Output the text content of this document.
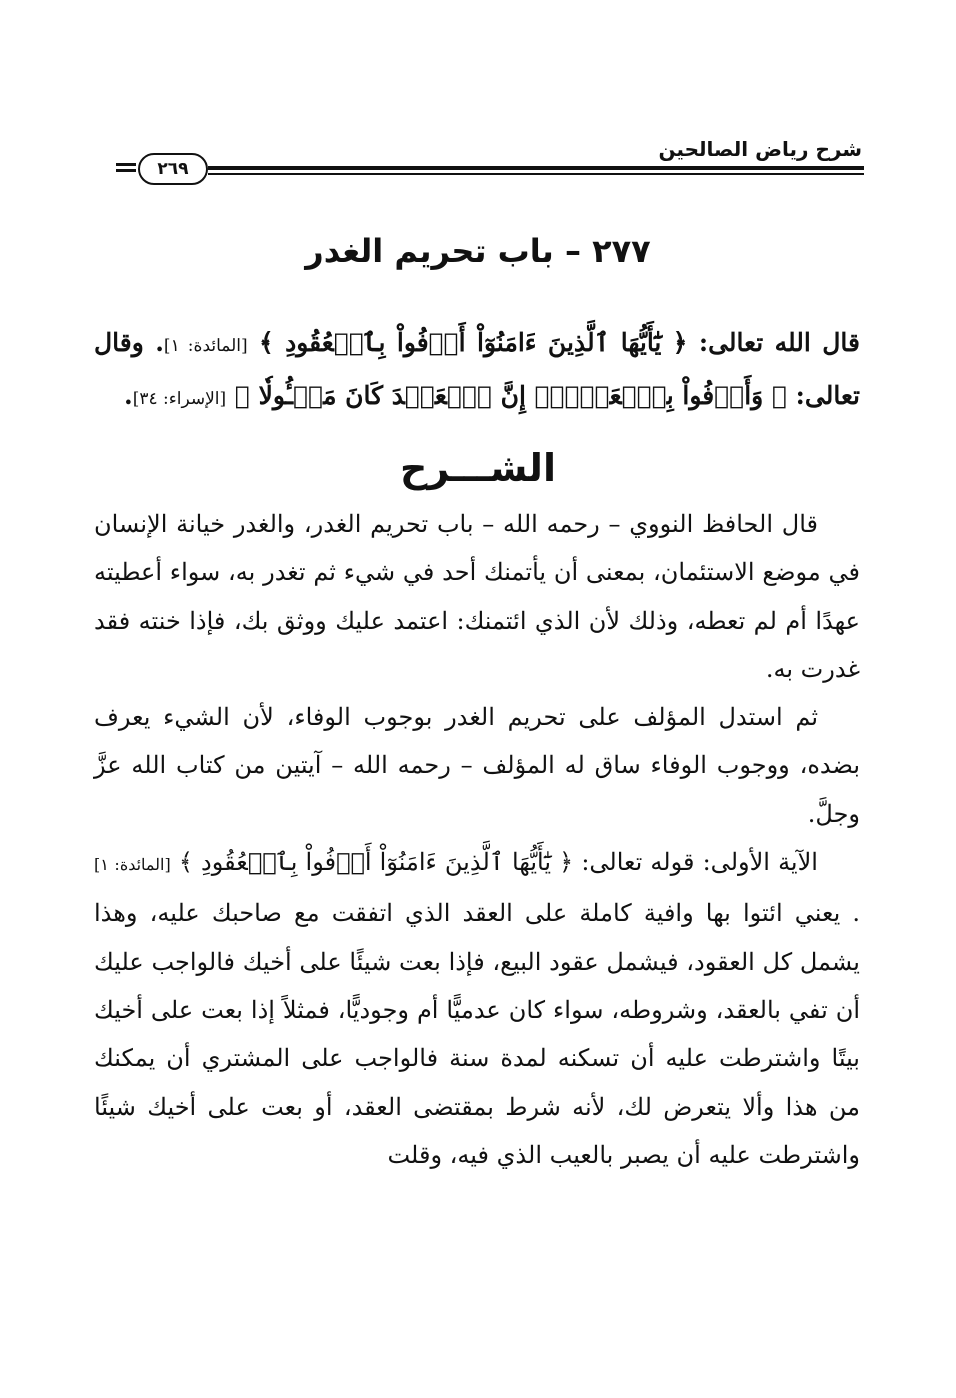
شرح رياض الصالحين
٢٦٩
٢٧٧ – باب تحريم الغدر
قال الله تعالى: ﴿ يَٰٓأَيُّهَا ٱلَّذِينَ ءَامَنُوٓاْ أَوۡفُواْ بِٱلۡعُقُودِ ﴾ [المائدة: ١]. وقال تعالى: ﴿ وَأَوۡفُواْ بِٱلۡعَهۡدِۖ إِنَّ ٱلۡعَهۡدَ كَانَ مَسۡـُٔولٗا ﴾ [الإسراء: ٣٤].
الشـــرح

قال الحافظ النووي – رحمه الله – باب تحريم الغدر، والغدر خيانة الإنسان في موضع الاستئمان، بمعنى أن يأتمنك أحد في شيء ثم تغدر به، سواء أعطيته عهدًا أم لم تعطه، وذلك لأن الذي ائتمنك: اعتمد عليك ووثق بك، فإذا خنته فقد غدرت به.

ثم استدل المؤلف على تحريم الغدر بوجوب الوفاء، لأن الشيء يعرف بضده، ووجوب الوفاء ساق له المؤلف – رحمه الله – آيتين من كتاب الله عزَّ وجلَّ.

الآية الأولى: قوله تعالى: ﴿ يَٰٓأَيُّهَا ٱلَّذِينَ ءَامَنُوٓاْ أَوۡفُواْ بِٱلۡعُقُودِ ﴾ [المائدة: ١] . يعني ائتوا بها وافية كاملة على العقد الذي اتفقت مع صاحبك عليه، وهذا يشمل كل العقود، فيشمل عقود البيع، فإذا بعت شيئًا على أخيك فالواجب عليك أن تفي بالعقد، وشروطه، سواء كان عدميًّا أم وجوديًّا، فمثلاً إذا بعت على أخيك بيتًا واشترطت عليه أن تسكنه لمدة سنة فالواجب على المشتري أن يمكنك من هذا وألا يتعرض لك، لأنه شرط بمقتضى العقد، أو بعت على أخيك شيئًا واشترطت عليه أن يصبر بالعيب الذي فيه، وقلت
